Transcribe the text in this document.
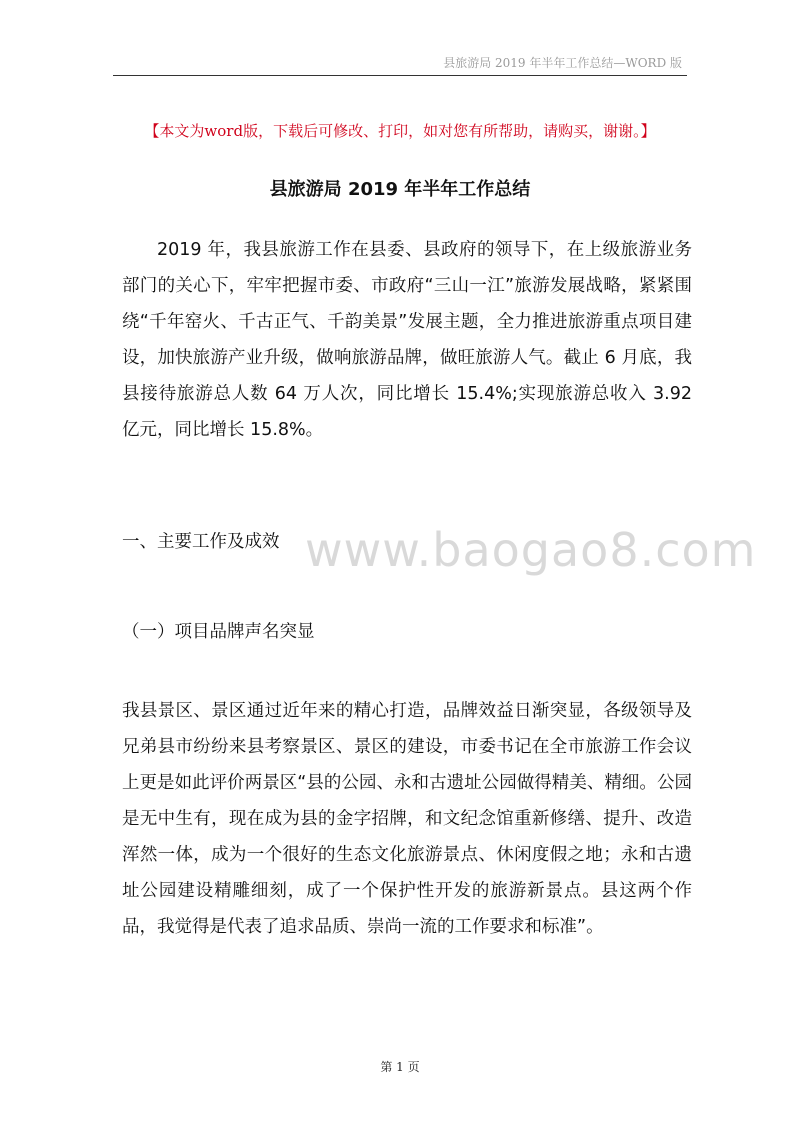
县旅游局 2019 年半年工作总结—WORD 版
【本文为word版，下载后可修改、打印，如对您有所帮助，请购买，谢谢。】
县旅游局 2019 年半年工作总结

2019 年，我县旅游工作在县委、县政府的领导下，在上级旅游业务部门的关心下，牢牢把握市委、市政府“三山一江”旅游发展战略，紧紧围绕“千年窑火、千古正气、千韵美景”发展主题，全力推进旅游重点项目建设，加快旅游产业升级，做响旅游品牌，做旺旅游人气。截止 6 月底，我县接待旅游总人数 64 万人次，同比增长 15.4%;实现旅游总收入 3.92 亿元，同比增长 15.8%。

一、主要工作及成效 www.baogao8.com
（一）项目品牌声名突显

我县景区、景区通过近年来的精心打造，品牌效益日渐突显，各级领导及兄弟县市纷纷来县考察景区、景区的建设，市委书记在全市旅游工作会议上更是如此评价两景区“县的公园、永和古遗址公园做得精美、精细。公园是无中生有，现在成为县的金字招牌，和文纪念馆重新修缮、提升、改造浑然一体，成为一个很好的生态文化旅游景点、休闲度假之地；永和古遗址公园建设精雕细刻，成了一个保护性开发的旅游新景点。县这两个作品，我觉得是代表了追求品质、崇尚一流的工作要求和标准”。

第 1 页
